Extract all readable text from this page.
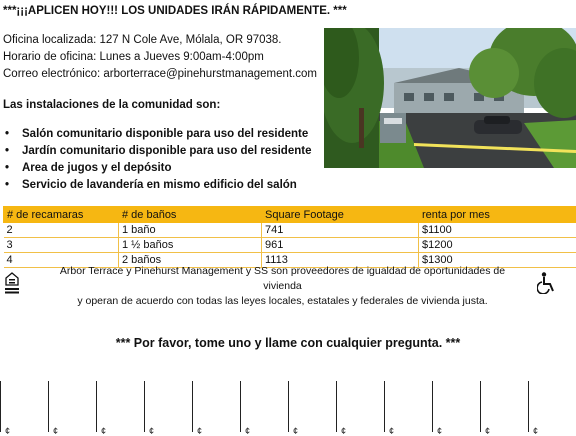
***¡¡¡APLICEN HOY!!! LOS UNIDADES IRÁN RÁPIDAMENTE. ***
Oficina localizada: 127 N Cole Ave, Mólala, OR 97038.
Horario de oficina: Lunes a Jueves 9:00am-4:00pm
Correo electrónico: arborterrace@pinehurstmanagement.com
Las instalaciones de la comunidad son:
• Salón comunitario disponible para uso del residente
• Jardín comunitario disponible para uso del residente
• Area de jugos y el depósito
• Servicio de lavandería en mismo edificio del salón
# de recamaras	# de baños	Square Footage	renta por mes
2	1 baño	741	$1100
3	1 ½ baños	961	$1200
4	2 baños	1113	$1300
Arbor Terrace y Pinehurst Management y SS son proveedores de igualdad de oportunidades de vivienda
y operan de acuerdo con todas las leyes locales, estatales y federales de vivienda justa.
*** Por favor, tome uno y llame con cualquier pregunta. ***
¢	¢	¢	¢	¢	¢	¢	¢	¢	¢	¢	¢
